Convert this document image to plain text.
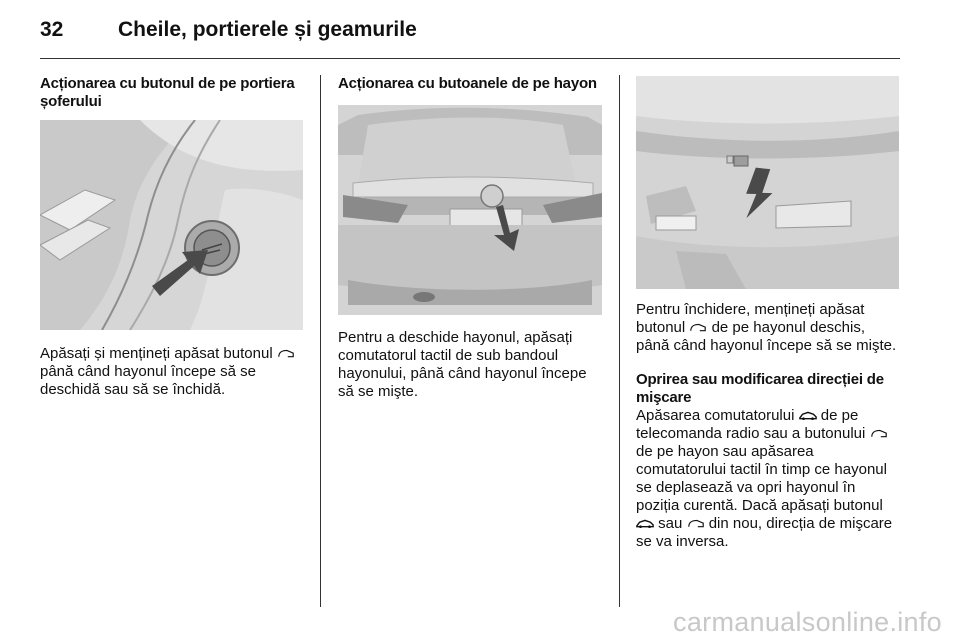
32	Cheile, portierele și geamurile
Acționarea cu butonul de pe portiera șoferului

Apăsați și mențineți apăsat butonul  până când hayonul începe să se deschidă sau să se închidă.

Acționarea cu butoanele de pe hayon

Pentru a deschide hayonul, apăsați comutatorul tactil de sub bandoul hayonului, până când hayonul începe să se mişte.

Pentru închidere, mențineți apăsat butonul de pe hayonul deschis, până când hayonul începe să se mişte.

Oprirea sau modificarea direcției de mişcare

Apăsarea comutatorului de pe telecomanda radio sau a butonului  de pe hayon sau apăsarea comutatorului tactil în timp ce hayonul se deplasează va opri hayonul în poziția curentă. Dacă apăsați butonul  sau din nou, direcția de mişcare se va inversa.

carmanualsonline.info
